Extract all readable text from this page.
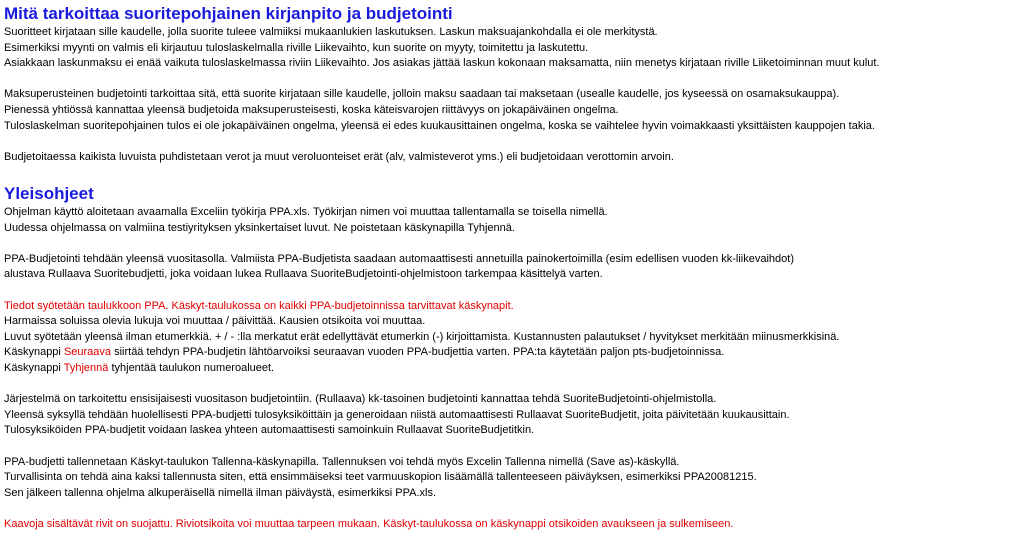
Mitä tarkoittaa suoritepohjainen kirjanpito ja budjetointi
Suoritteet kirjataan sille kaudelle, jolla suorite tuleee valmiiksi mukaanlukien laskutuksen. Laskun maksuajankohdalla ei ole merkitystä.
Esimerkiksi myynti on valmis eli kirjautuu tuloslaskelmalla riville Liikevaihto, kun suorite on myyty, toimitettu ja laskutettu.
Asiakkaan laskunmaksu ei enää vaikuta tuloslaskelmassa riviin Liikevaihto. Jos asiakas jättää laskun kokonaan maksamatta, niin menetys kirjataan riville Liiketoiminnan muut kulut.
Maksuperusteinen budjetointi tarkoittaa sitä, että suorite kirjataan sille kaudelle, jolloin maksu saadaan tai maksetaan (usealle kaudelle, jos kyseessä on osamaksukauppa).
Pienessä yhtiössä kannattaa yleensä budjetoida maksuperusteisesti, koska käteisvarojen riittävyys on jokapäiväinen ongelma.
Tuloslaskelman suoritepohjainen tulos ei ole jokapäiväinen ongelma, yleensä ei edes kuukausittainen ongelma, koska se vaihtelee hyvin voimakkaasti yksittäisten kauppojen takia.
Budjetoitaessa kaikista luvuista puhdistetaan verot ja muut veroluonteiset erät (alv, valmisteverot yms.) eli budjetoidaan verottomin arvoin.
Yleisohjeet
Ohjelman käyttö aloitetaan avaamalla Exceliin työkirja PPA.xls. Työkirjan nimen voi muuttaa tallentamalla se toisella nimellä.
Uudessa ohjelmassa on valmiina testiyrityksen yksinkertaiset luvut. Ne poistetaan käskynapilla Tyhjennä.
PPA-Budjetointi tehdään yleensä vuositasolla. Valmiista PPA-Budjetista saadaan automaattisesti annetuilla painokertoimilla (esim edellisen vuoden kk-liikevaihdot)
alustava Rullaava Suoritebudjetti, joka voidaan lukea Rullaava SuoriteBudjetointi-ohjelmistoon tarkempaa käsittelyä varten.
Tiedot syötetään taulukkoon PPA. Käskyt-taulukossa on kaikki PPA-budjetoinnissa tarvittavat käskynapit.
Harmaissa soluissa olevia lukuja voi muuttaa / päivittää. Kausien otsikoita voi muuttaa.
Luvut syötetään yleensä ilman etumerkkiä. + / - :lla merkatut erät edellyttävät etumerkin (-) kirjoittamista. Kustannusten palautukset / hyvitykset merkitään miinusmerkkisinä.
Käskynappi Seuraava siirtää tehdyn PPA-budjetin lähtöarvoiksi seuraavan vuoden PPA-budjettia varten. PPA:ta käytetään paljon pts-budjetoinnissa.
Käskynappi Tyhjennä tyhjentää taulukon numeroalueet.
Järjestelmä on tarkoitettu ensisijaisesti vuositason budjetointiin. (Rullaava) kk-tasoinen budjetointi kannattaa tehdä SuoriteBudjetointi-ohjelmistolla.
Yleensä syksyllä tehdään huolellisesti PPA-budjetti tulosyksiköittäin ja generoidaan niistä automaattisesti Rullaavat SuoriteBudjetit, joita päivitetään kuukausittain.
Tulosyksiköiden PPA-budjetit voidaan laskea yhteen automaattisesti samoinkuin Rullaavat SuoriteBudjetitkin.
PPA-budjetti tallennetaan Käskyt-taulukon Tallenna-käskynapilla. Tallennuksen voi tehdä myös Excelin Tallenna nimellä (Save as)-käskyllä.
Turvallisinta on tehdä aina kaksi tallennusta siten, että ensimmäiseksi teet varmuuskopion lisäämällä tallenteeseen päiväyksen, esimerkiksi PPA20081215.
Sen jälkeen tallenna ohjelma alkuperäisellä nimellä ilman päiväystä, esimerkiksi PPA.xls.
Kaavoja sisältävät rivit on suojattu. Riviotsikoita voi muuttaa tarpeen mukaan. Käskyt-taulukossa on käskynappi otsikoiden avaukseen ja sulkemiseen.
